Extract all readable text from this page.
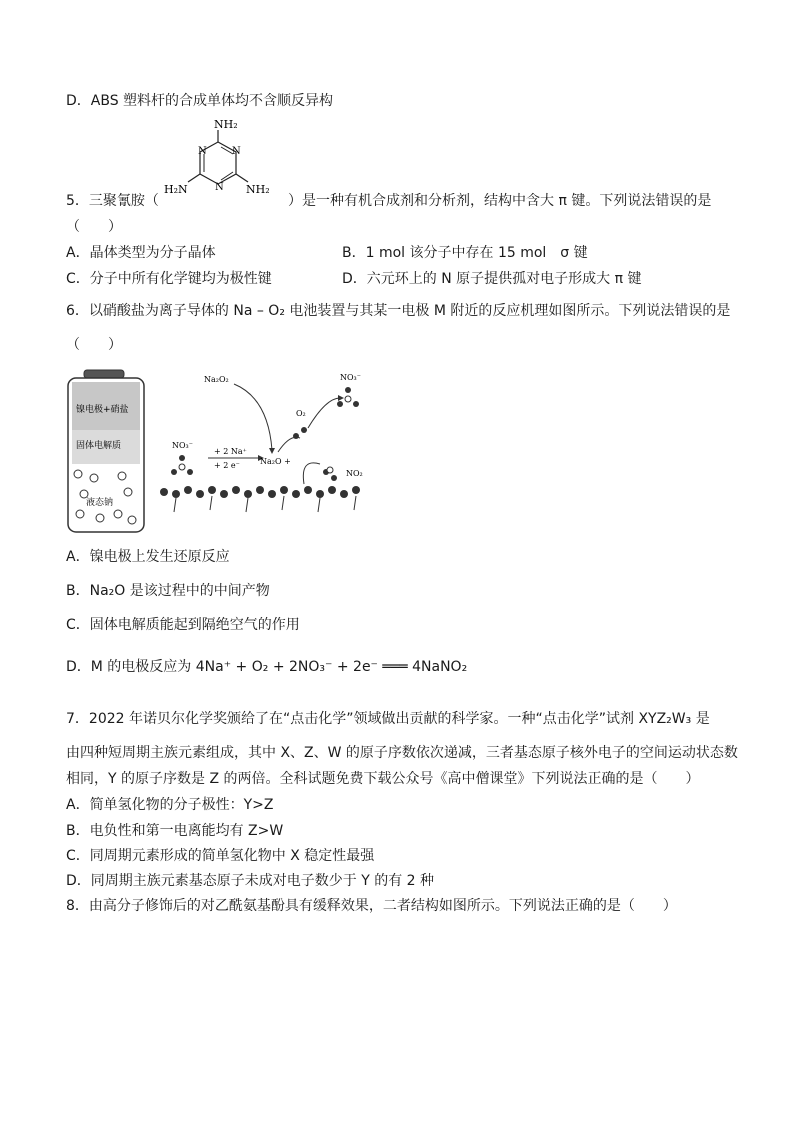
D．ABS 塑料杆的合成单体均不含顺反异构
NH₂
H₂N	NH₂
N	N
N
5．三聚氰胺（	）是一种有机合成剂和分析剂，结构中含大 π 键。下列说法错误的是
（　　）
A．晶体类型为分子晶体	B．1 mol 该分子中存在 15 mol　σ 键
C．分子中所有化学键均为极性键	D．六元环上的 N 原子提供孤对电子形成大 π 键
6．以硝酸盐为离子导体的 Na – O₂ 电池装置与其某一电极 M 附近的反应机理如图所示。下列说法错误的是
（　　）
镍电极+硝盐
固体电解质
液态钠
NO₃⁻
+ 2 Na⁺
+ 2 e⁻	Na₂O +
Na₂O₂
O₂
NO₃⁻
NO₂
A．镍电极上发生还原反应
B．Na₂O 是该过程中的中间产物
C．固体电解质能起到隔绝空气的作用
D．M 的电极反应为 4Na⁺ + O₂ + 2NO₃⁻ + 2e⁻ ═══ 4NaNO₂
7．2022 年诺贝尔化学奖颁给了在“点击化学”领域做出贡献的科学家。一种“点击化学”试剂 XYZ₂W₃ 是
由四种短周期主族元素组成，其中 X、Z、W 的原子序数依次递减，三者基态原子核外电子的空间运动状态数
相同，Y 的原子序数是 Z 的两倍。全科试题免费下载公众号《高中僧课堂》下列说法正确的是（　　）
A．简单氢化物的分子极性：Y>Z
B．电负性和第一电离能均有 Z>W
C．同周期元素形成的简单氢化物中 X 稳定性最强
D．同周期主族元素基态原子未成对电子数少于 Y 的有 2 种
8．由高分子修饰后的对乙酰氨基酚具有缓释效果，二者结构如图所示。下列说法正确的是（　　）
